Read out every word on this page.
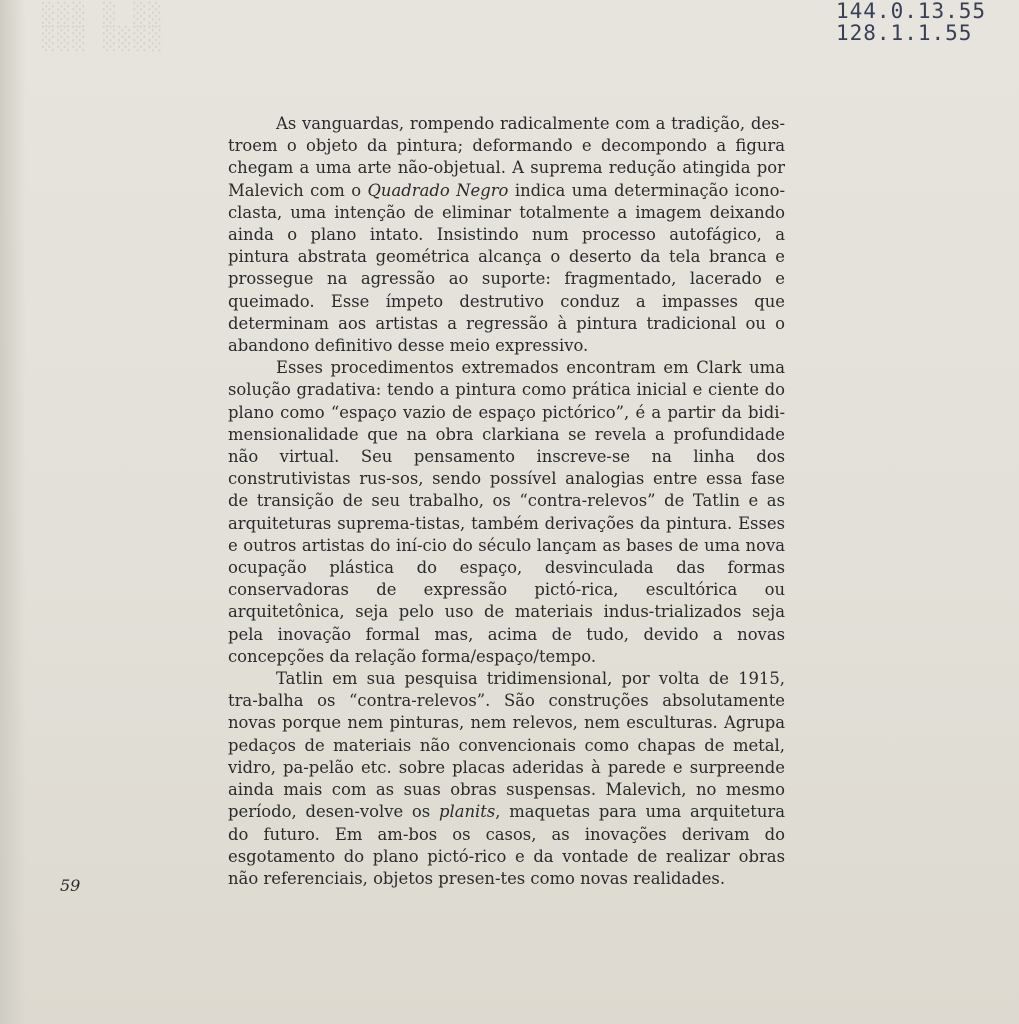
░░░ ░ ░░
░░░ ░░░░
144.0.13.55
128.1.1.55

As vanguardas, rompendo radicalmente com a tradição, des-troem o objeto da pintura; deformando e decompondo a figura chegam a uma arte não-objetual. A suprema redução atingida por Malevich com o Quadrado Negro indica uma determinação icono-clasta, uma intenção de eliminar totalmente a imagem deixando ainda o plano intato. Insistindo num processo autofágico, a pintura abstrata geométrica alcança o deserto da tela branca e prossegue na agressão ao suporte: fragmentado, lacerado e queimado. Esse ímpeto destrutivo conduz a impasses que determinam aos artistas a regressão à pintura tradicional ou o abandono definitivo desse meio expressivo.

Esses procedimentos extremados encontram em Clark uma solução gradativa: tendo a pintura como prática inicial e ciente do plano como “espaço vazio de espaço pictórico”, é a partir da bidi-mensionalidade que na obra clarkiana se revela a profundidade não virtual. Seu pensamento inscreve-se na linha dos construtivistas rus-sos, sendo possível analogias entre essa fase de transição de seu trabalho, os “contra-relevos” de Tatlin e as arquiteturas suprema-tistas, também derivações da pintura. Esses e outros artistas do iní-cio do século lançam as bases de uma nova ocupação plástica do espaço, desvinculada das formas conservadoras de expressão pictó-rica, escultórica ou arquitetônica, seja pelo uso de materiais indus-trializados seja pela inovação formal mas, acima de tudo, devido a novas concepções da relação forma/espaço/tempo.

Tatlin em sua pesquisa tridimensional, por volta de 1915, tra-balha os “contra-relevos”. São construções absolutamente novas porque nem pinturas, nem relevos, nem esculturas. Agrupa pedaços de materiais não convencionais como chapas de metal, vidro, pa-pelão etc. sobre placas aderidas à parede e surpreende ainda mais com as suas obras suspensas. Malevich, no mesmo período, desen-volve os planits, maquetas para uma arquitetura do futuro. Em am-bos os casos, as inovações derivam do esgotamento do plano pictó-rico e da vontade de realizar obras não referenciais, objetos presen-tes como novas realidades.

59
